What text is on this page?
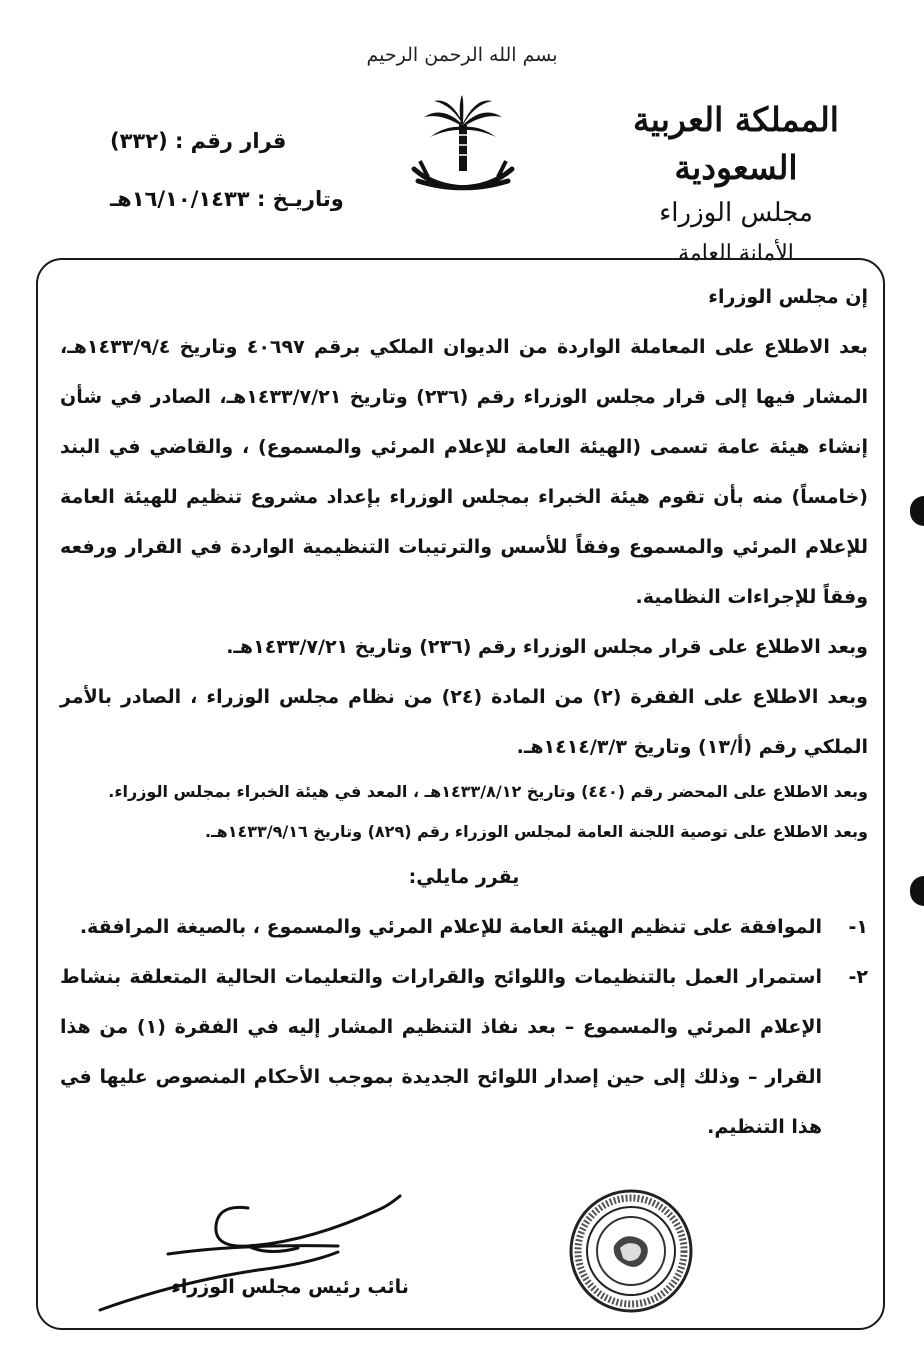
بسم الله الرحمن الرحيم
المملكة العربية السعودية
مجلس الوزراء
الأمانة العامة
قرار رقم : (٣٣٢)
وتاريـخ : ١٦/١٠/١٤٣٣هـ

إن مجلس الوزراء

بعد الاطلاع على المعاملة الواردة من الديوان الملكي برقم ٤٠٦٩٧ وتاريخ ١٤٣٣/٩/٤هـ، المشار فيها إلى قرار مجلس الوزراء رقم (٢٣٦) وتاريخ ١٤٣٣/٧/٢١هـ، الصادر في شأن إنشاء هيئة عامة تسمى (الهيئة العامة للإعلام المرئي والمسموع) ، والقاضي في البند (خامساً) منه بأن تقوم هيئة الخبراء بمجلس الوزراء بإعداد مشروع تنظيم للهيئة العامة للإعلام المرئي والمسموع وفقاً للأسس والترتيبات التنظيمية الواردة في القرار ورفعه وفقاً للإجراءات النظامية.

وبعد الاطلاع على قرار مجلس الوزراء رقم (٢٣٦) وتاريخ ١٤٣٣/٧/٢١هـ.

وبعد الاطلاع على الفقرة (٢) من المادة (٢٤) من نظام مجلس الوزراء ، الصادر بالأمر الملكي رقم (أ/١٣) وتاريخ ١٤١٤/٣/٣هـ.

وبعد الاطلاع على المحضر رقم (٤٤٠) وتاريخ ١٤٣٣/٨/١٢هـ ، المعد في هيئة الخبراء بمجلس الوزراء.

وبعد الاطلاع على توصية اللجنة العامة لمجلس الوزراء رقم (٨٢٩) وتاريخ ١٤٣٣/٩/١٦هـ.

يقرر مايلي:

١-
الموافقة على تنظيم الهيئة العامة للإعلام المرئي والمسموع ، بالصيغة المرافقة.
٢-
استمرار العمل بالتنظيمات واللوائح والقرارات والتعليمات الحالية المتعلقة بنشاط الإعلام المرئي والمسموع – بعد نفاذ التنظيم المشار إليه في الفقرة (١) من هذا القرار – وذلك إلى حين إصدار اللوائح الجديدة بموجب الأحكام المنصوص عليها في هذا التنظيم.
نائب رئيس مجلس الوزراء
